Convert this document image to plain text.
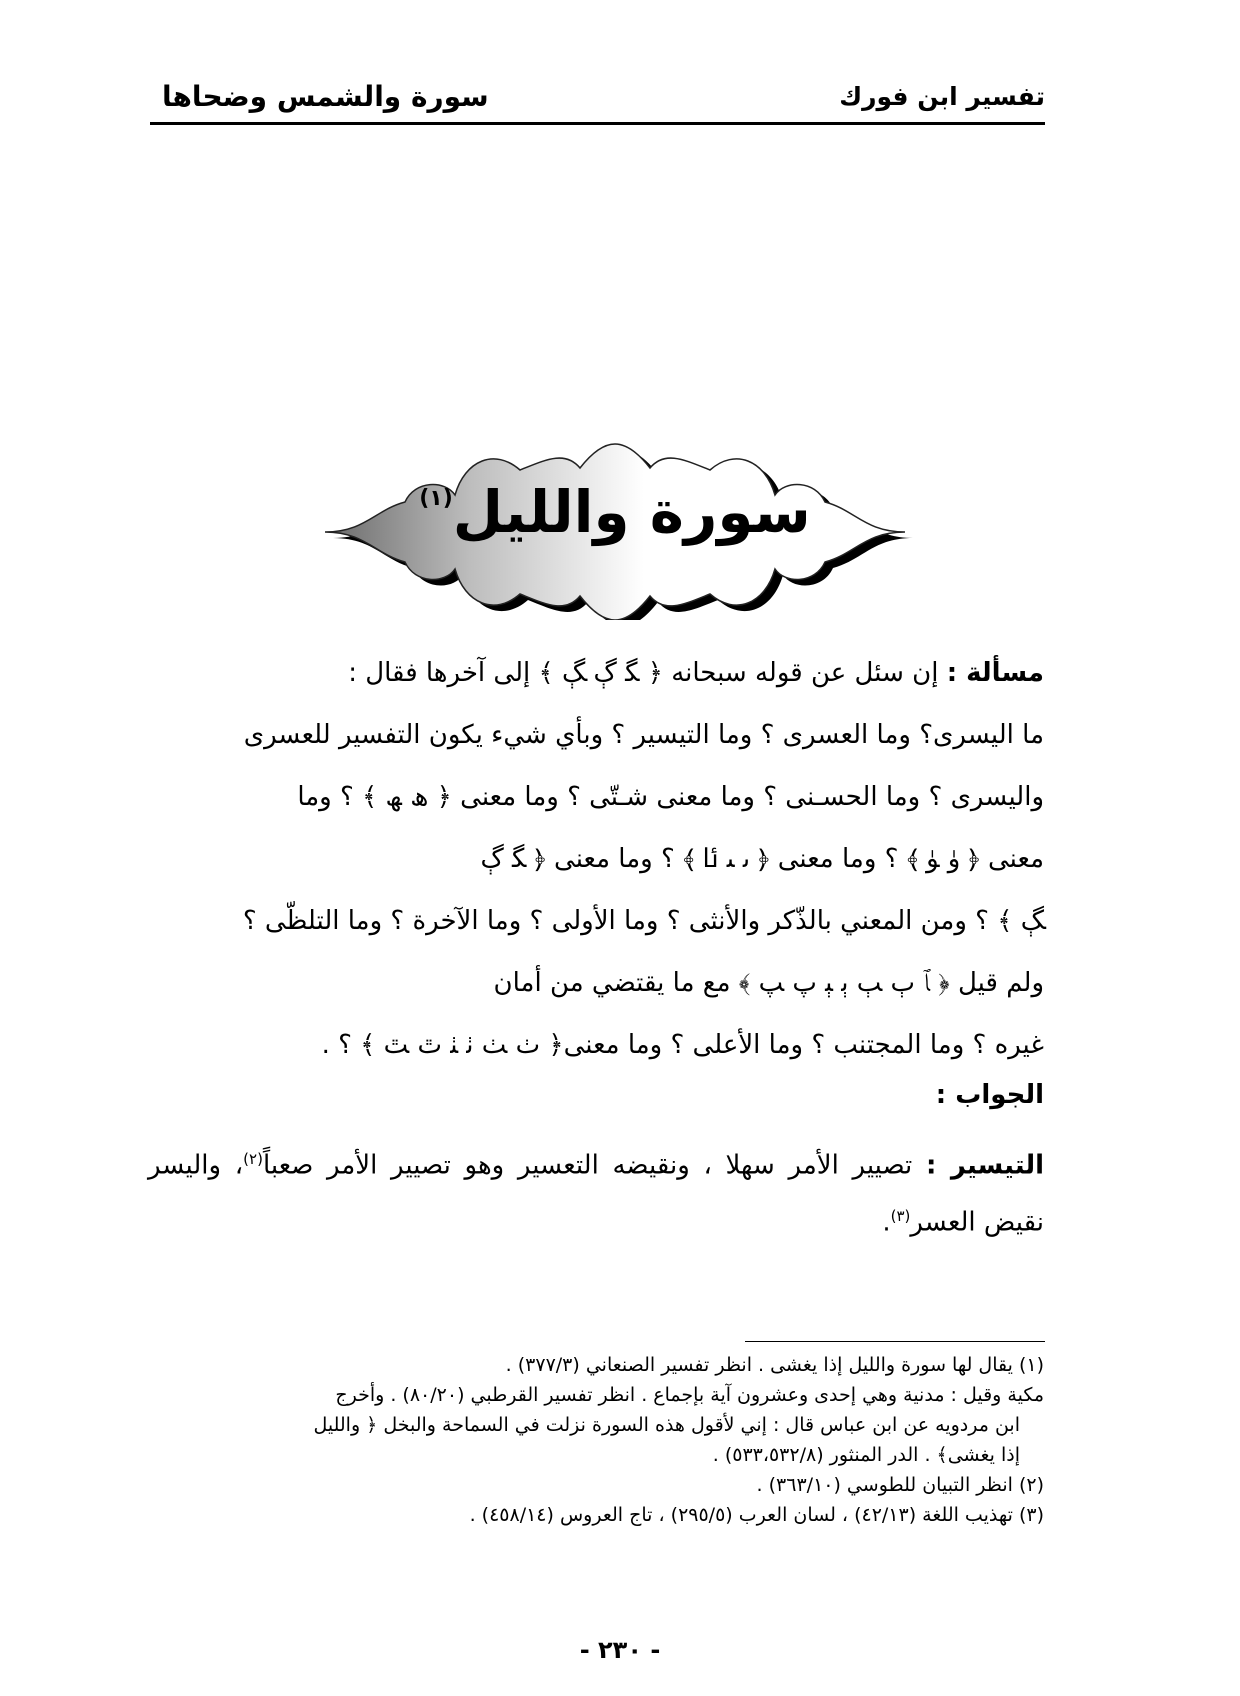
تفسير ابن فورك
سورة والشمس وضحاها
سورة والليل$^{(١)}$

مسألة : إن سئل عن قوله سبحانه ﴿ ﮕ ﮖ ﮗ ﴾ إلى آخرها فقال :

ما اليسرى؟ وما العسرى ؟ وما التيسير ؟ وبأي شيء يكون التفسير للعسرى

واليسرى ؟ وما الحسـنى ؟ وما معنى شـتّى ؟ وما معنى ﴿ ﮪ ﮫ ﴾ ؟ وما

معنى ﴿ ﯛ ﯜ ﴾ ؟ وما معنى ﴿ ﯨ ﯩ ﯪ ﴾ ؟ وما معنى ﴿ ﮕ ﮖ

ﮗ ﴾ ؟ ومن المعني بالذّكر والأنثى ؟ وما الأولى ؟ وما الآخرة ؟ وما التلظّى ؟

ولم قيل ﴿ ﭑ ﭒ ﭓ ﭔ ﭕ ﭖ ﭗ ﴾ مع ما يقتضي من أمان

غيره ؟ وما المجتنب ؟ وما الأعلى ؟ وما معنى﴿ ﭞ ﭟ ﭠ ﭡ ﭢ ﭣ ﴾ ؟ .

الجواب :
التيسير : تصيير الأمر سهلا ، ونقيضه التعسير وهو تصيير الأمر صعباً$^{(٢)}$، واليسر نقيض العسر$^{(٣)}$.
(١) يقال لها سورة والليل إذا يغشى . انظر تفسير الصنعاني (٣٧٧/٣) .
مكية وقيل : مدنية وهي إحدى وعشرون آية بإجماع . انظر تفسير القرطبي (٨٠/٢٠) . وأخرج
ابن مردويه عن ابن عباس قال : إني لأقول هذه السورة نزلت في السماحة والبخل ﴿ والليل
إذا يغشى﴾ . الدر المنثور (٥٣٣،٥٣٢/٨) .
(٢) انظر التبيان للطوسي (٣٦٣/١٠) .
(٣) تهذيب اللغة (٤٢/١٣) ، لسان العرب (٢٩٥/٥) ، تاج العروس (٤٥٨/١٤) .
- ٢٣٠ -
